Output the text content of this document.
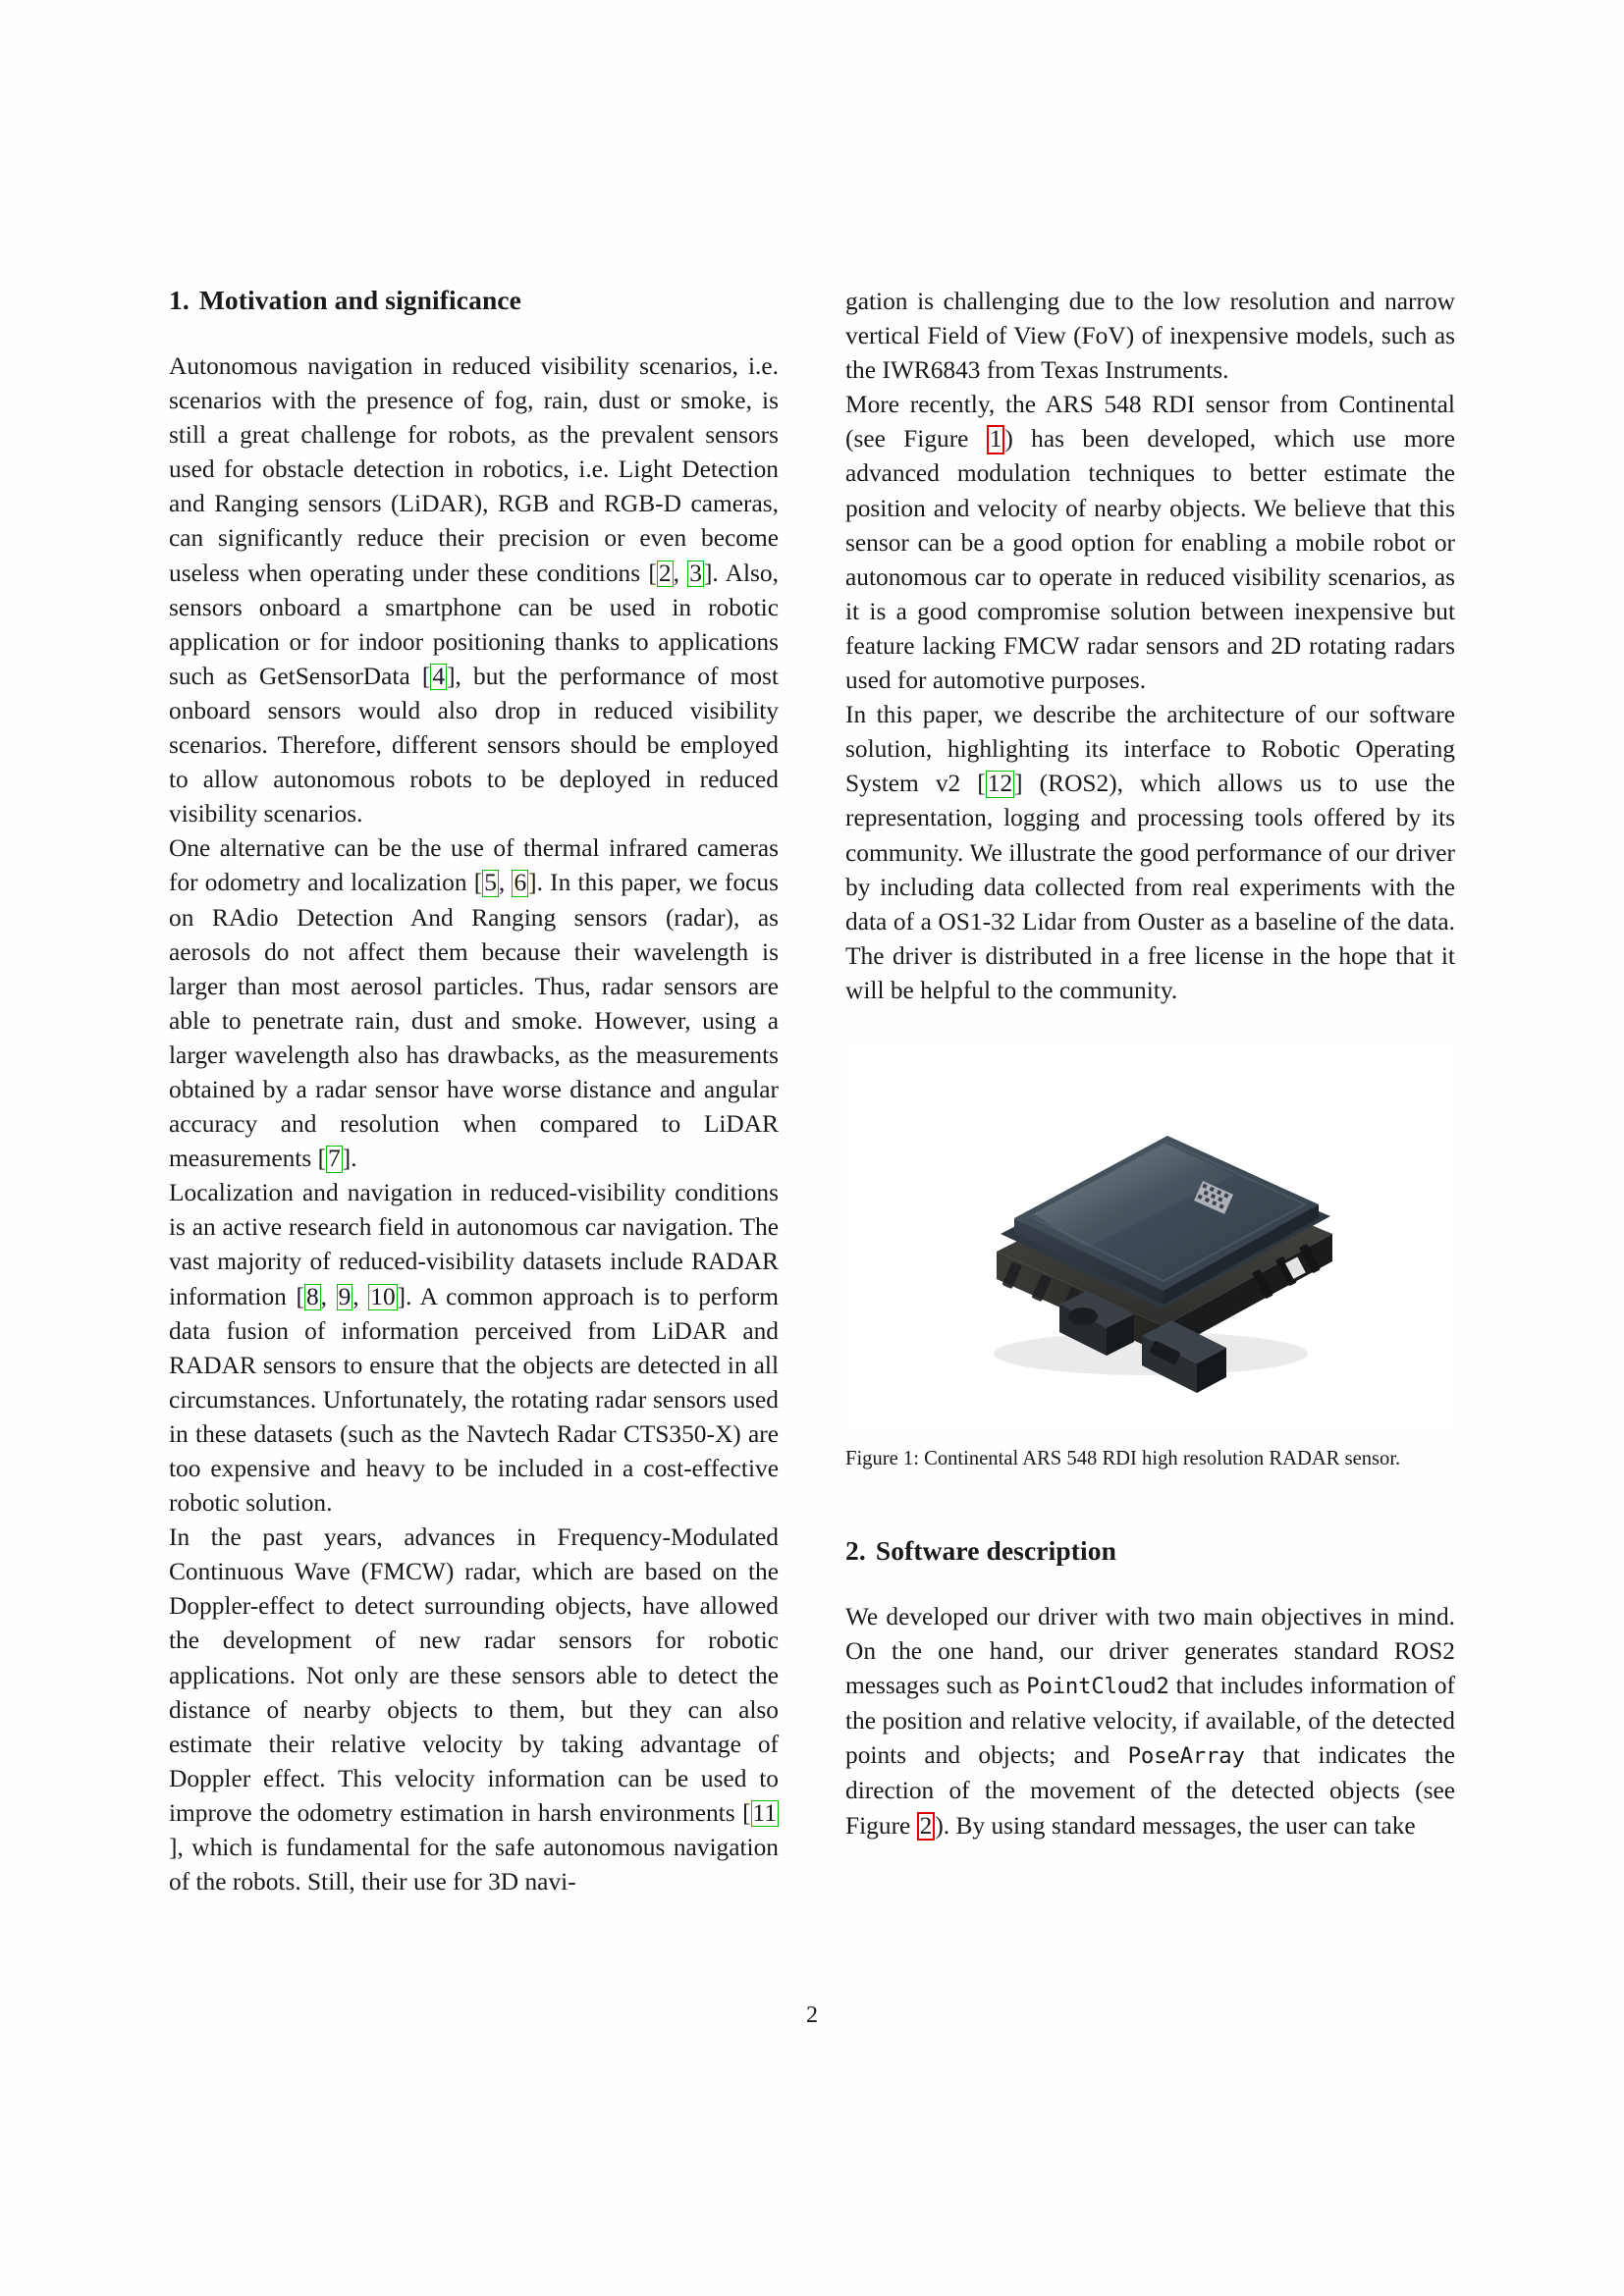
1. Motivation and significance

Autonomous navigation in reduced visibility scenarios, i.e. scenarios with the presence of fog, rain, dust or smoke, is still a great challenge for robots, as the prevalent sensors used for obstacle detection in robotics, i.e. Light Detection and Ranging sensors (LiDAR), RGB and RGB-D cameras, can significantly reduce their precision or even become useless when operating under these conditions [2, 3]. Also, sensors onboard a smartphone can be used in robotic application or for indoor positioning thanks to applications such as GetSensorData [4], but the performance of most onboard sensors would also drop in reduced visibility scenarios. Therefore, different sensors should be employed to allow autonomous robots to be deployed in reduced visibility scenarios.

One alternative can be the use of thermal infrared cameras for odometry and localization [5, 6]. In this paper, we focus on RAdio Detection And Ranging sensors (radar), as aerosols do not affect them because their wavelength is larger than most aerosol particles. Thus, radar sensors are able to penetrate rain, dust and smoke. However, using a larger wavelength also has drawbacks, as the measurements obtained by a radar sensor have worse distance and angular accuracy and resolution when compared to LiDAR measurements [7].

Localization and navigation in reduced-visibility conditions is an active research field in autonomous car navigation. The vast majority of reduced-visibility datasets include RADAR information [8, 9, 10]. A common approach is to perform data fusion of information perceived from LiDAR and RADAR sensors to ensure that the objects are detected in all circumstances. Unfortunately, the rotating radar sensors used in these datasets (such as the Navtech Radar CTS350-X) are too expensive and heavy to be included in a cost-effective robotic solution.

In the past years, advances in Frequency-Modulated Continuous Wave (FMCW) radar, which are based on the Doppler-effect to detect surrounding objects, have allowed the development of new radar sensors for robotic applications. Not only are these sensors able to detect the distance of nearby objects to them, but they can also estimate their relative velocity by taking advantage of Doppler effect. This velocity information can be used to improve the odometry estimation in harsh environments [11], which is fundamental for the safe autonomous navigation of the robots. Still, their use for 3D navi-

gation is challenging due to the low resolution and narrow vertical Field of View (FoV) of inexpensive models, such as the IWR6843 from Texas Instruments.

More recently, the ARS 548 RDI sensor from Continental (see Figure 1 ) has been developed, which use more advanced modulation techniques to better estimate the position and velocity of nearby objects. We believe that this sensor can be a good option for enabling a mobile robot or autonomous car to operate in reduced visibility scenarios, as it is a good compromise solution between inexpensive but feature lacking FMCW radar sensors and 2D rotating radars used for automotive purposes.

In this paper, we describe the architecture of our software solution, highlighting its interface to Robotic Operating System v2 [12] (ROS2), which allows us to use the representation, logging and processing tools offered by its community. We illustrate the good performance of our driver by including data collected from real experiments with the data of a OS1-32 Lidar from Ouster as a baseline of the data. The driver is distributed in a free license in the hope that it will be helpful to the community.

Figure 1: Continental ARS 548 RDI high resolution RADAR sensor.
2. Software description

We developed our driver with two main objectives in mind. On the one hand, our driver generates standard ROS2 messages such as PointCloud2 that includes information of the position and relative velocity, if available, of the detected points and objects; and PoseArray that indicates the direction of the movement of the detected objects (see Figure 2 ). By using standard messages, the user can take

2
